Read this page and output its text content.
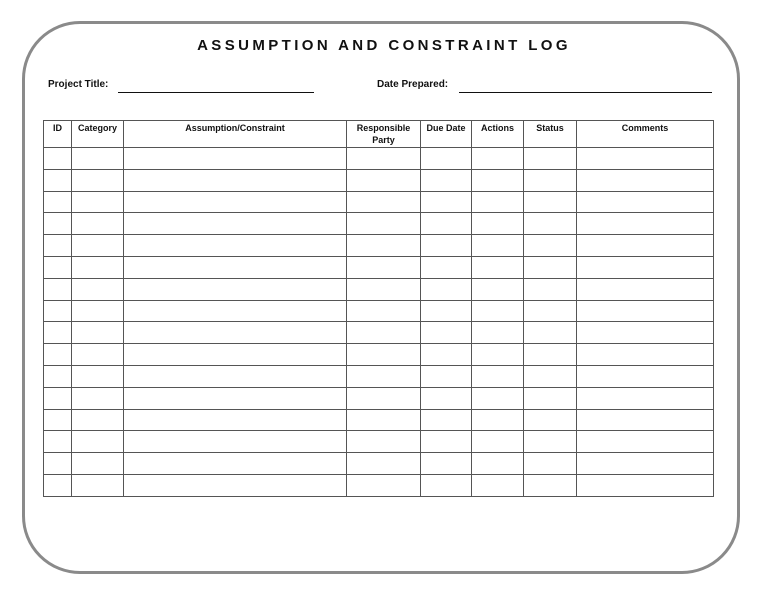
ASSUMPTION AND CONSTRAINT LOG
Project Title:	Date Prepared:
ID	Category	Assumption/Constraint	Responsible Party	Due Date	Actions	Status	Comments
